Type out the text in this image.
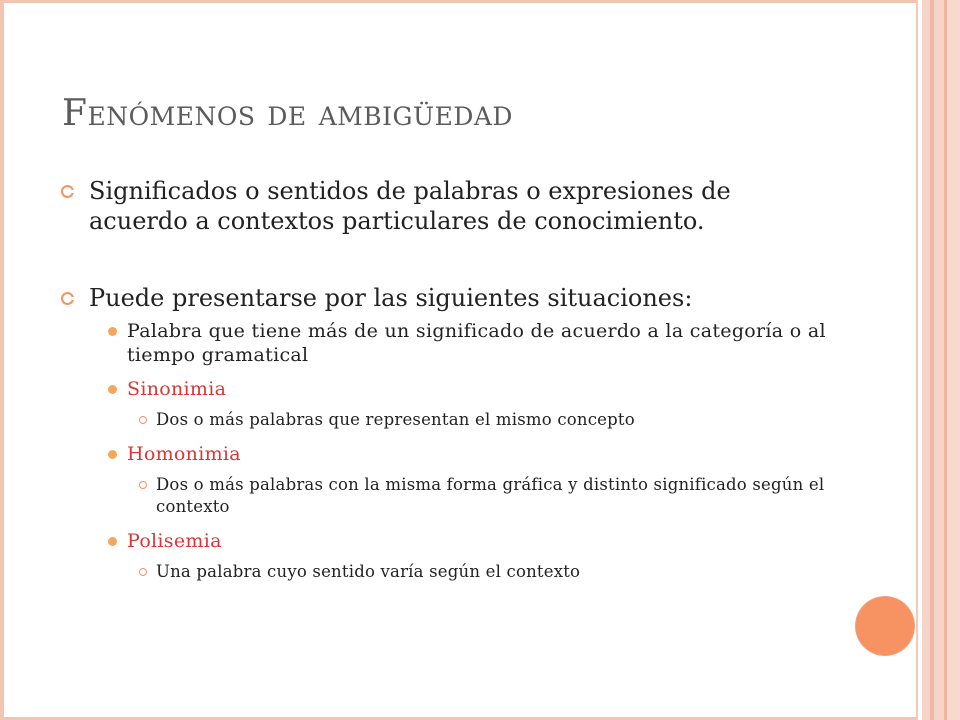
Fenómenos de ambigüedad
Significados o sentidos de palabras o expresiones de acuerdo a contextos particulares de conocimiento.
Puede presentarse por las siguientes situaciones:
Palabra que tiene más de un significado de acuerdo a la categoría o al tiempo gramatical
Sinonimia
Dos o más palabras que representan el mismo concepto
Homonimia
Dos o más palabras con la misma forma gráfica y distinto significado según el contexto
Polisemia
Una palabra cuyo sentido varía según el contexto
